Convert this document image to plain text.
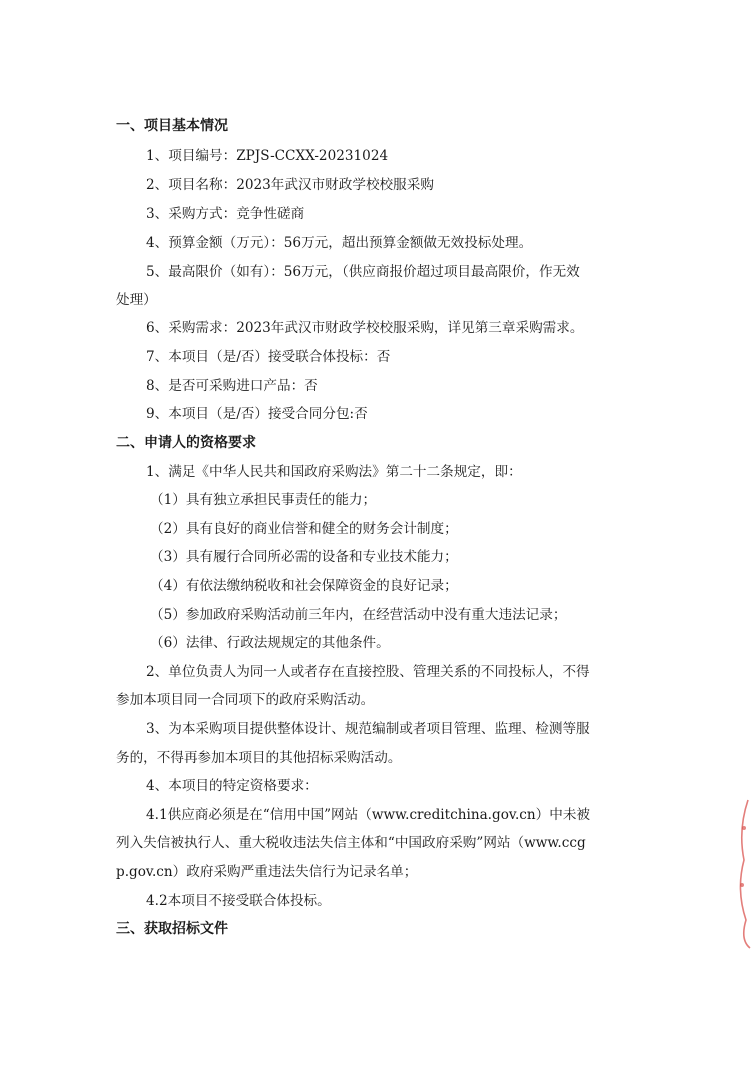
一、项目基本情况
1、项目编号：ZPJS-CCXX-20231024
2、项目名称：2023年武汉市财政学校校服采购
3、采购方式：竞争性磋商
4、预算金额（万元）：56万元，超出预算金额做无效投标处理。
5、最高限价（如有）：56万元，（供应商报价超过项目最高限价，作无效
处理）
6、采购需求：2023年武汉市财政学校校服采购，详见第三章采购需求。
7、本项目（是/否）接受联合体投标：否
8、是否可采购进口产品：否
9、本项目（是/否）接受合同分包:否
二、申请人的资格要求
1、满足《中华人民共和国政府采购法》第二十二条规定，即：
（1）具有独立承担民事责任的能力；
（2）具有良好的商业信誉和健全的财务会计制度；
（3）具有履行合同所必需的设备和专业技术能力；
（4）有依法缴纳税收和社会保障资金的良好记录；
（5）参加政府采购活动前三年内，在经营活动中没有重大违法记录；
（6）法律、行政法规规定的其他条件。
2、单位负责人为同一人或者存在直接控股、管理关系的不同投标人，不得
参加本项目同一合同项下的政府采购活动。
3、为本采购项目提供整体设计、规范编制或者项目管理、监理、检测等服
务的，不得再参加本项目的其他招标采购活动。
4、本项目的特定资格要求：
4.1供应商必须是在“信用中国”网站（www.creditchina.gov.cn）中未被
列入失信被执行人、重大税收违法失信主体和“中国政府采购”网站（www.ccg
p.gov.cn）政府采购严重违法失信行为记录名单；
4.2本项目不接受联合体投标。
三、获取招标文件
